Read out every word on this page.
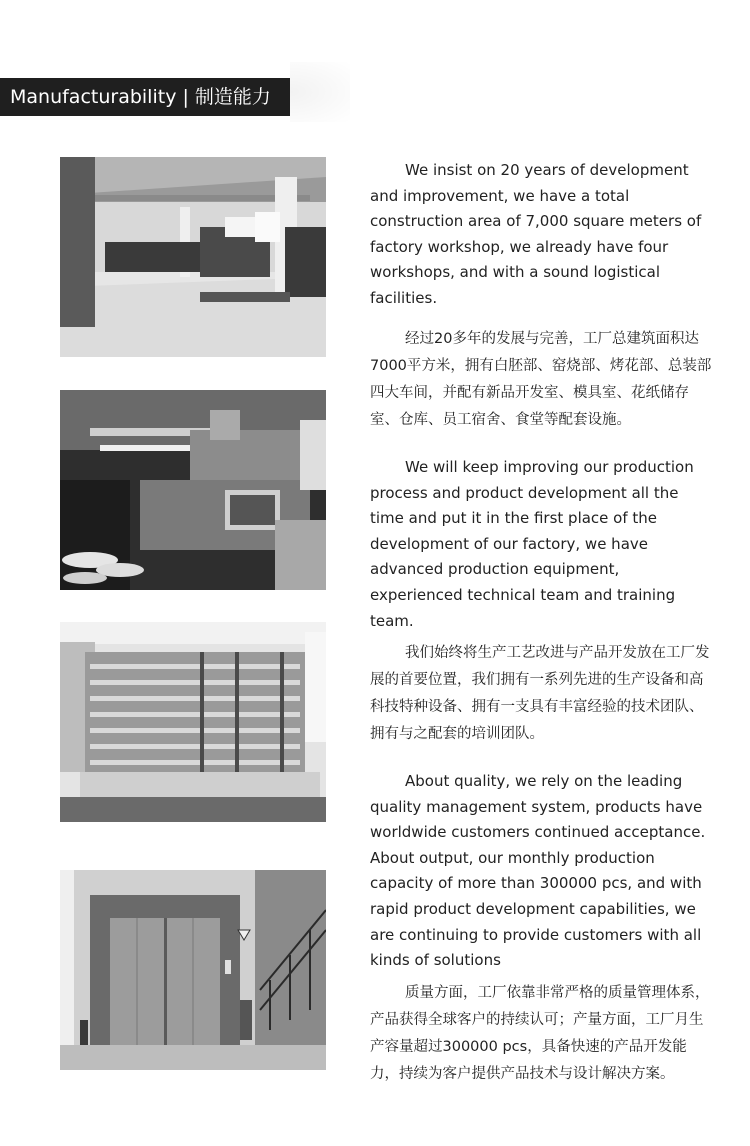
Manufacturability | 制造能力

We insist on 20 years of development and improvement, we have a total construction area of 7,000 square meters of factory workshop, we already have four workshops, and with a sound logistical facilities.

经过20多年的发展与完善，工厂总建筑面积达7000平方米，拥有白胚部、窑烧部、烤花部、总装部四大车间，并配有新品开发室、模具室、花纸储存室、仓库、员工宿舍、食堂等配套设施。

We will keep improving our production process and product development all the time and put it in the first place of the development of our factory, we have advanced production equipment, experienced technical team and training team.

我们始终将生产工艺改进与产品开发放在工厂发展的首要位置，我们拥有一系列先进的生产设备和高科技特种设备、拥有一支具有丰富经验的技术团队、拥有与之配套的培训团队。

About quality, we rely on the leading quality management system, products have worldwide customers continued acceptance. About output, our monthly production capacity of more than 300000 pcs, and with rapid product development capabilities, we are continuing to provide customers with all kinds of solutions

质量方面，工厂依靠非常严格的质量管理体系，产品获得全球客户的持续认可；产量方面，工厂月生产容量超过300000 pcs，具备快速的产品开发能力，持续为客户提供产品技术与设计解决方案。
